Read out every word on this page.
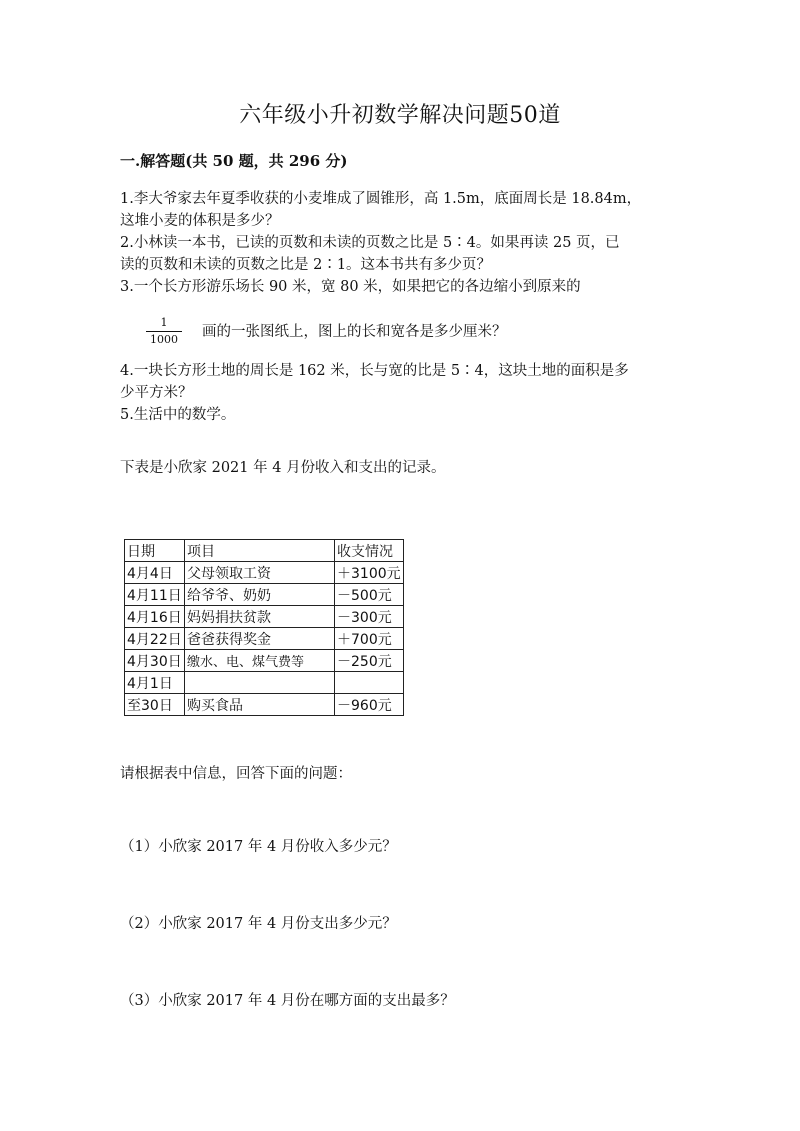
六年级小升初数学解决问题50道
一.解答题(共 50 题，共 296 分)
1.李大爷家去年夏季收获的小麦堆成了圆锥形，高 1.5m，底面周长是 18.84m，
这堆小麦的体积是多少？
2.小林读一本书，已读的页数和未读的页数之比是 5∶4。如果再读 25 页，已
读的页数和未读的页数之比是 2∶1。这本书共有多少页？
3.一个长方形游乐场长 90 米，宽 80 米，如果把它的各边缩小到原来的
$\frac{1}{1000}$ 画的一张图纸上，图上的长和宽各是多少厘米？
4.一块长方形土地的周长是 162 米，长与宽的比是 5∶4，这块土地的面积是多
少平方米？
5.生活中的数学。
下表是小欣家 2021 年 4 月份收入和支出的记录。
日期	项目	收支情况
4月4日	父母领取工资	＋3100元
4月11日	给爷爷、奶奶	－500元
4月16日	妈妈捐扶贫款	－300元
4月22日	爸爸获得奖金	＋700元
4月30日	缴水、电、煤气费等	－250元
4月1日		
至30日	购买食品	－960元
请根据表中信息，回答下面的问题：
（1）小欣家 2017 年 4 月份收入多少元？
（2）小欣家 2017 年 4 月份支出多少元？
（3）小欣家 2017 年 4 月份在哪方面的支出最多？
